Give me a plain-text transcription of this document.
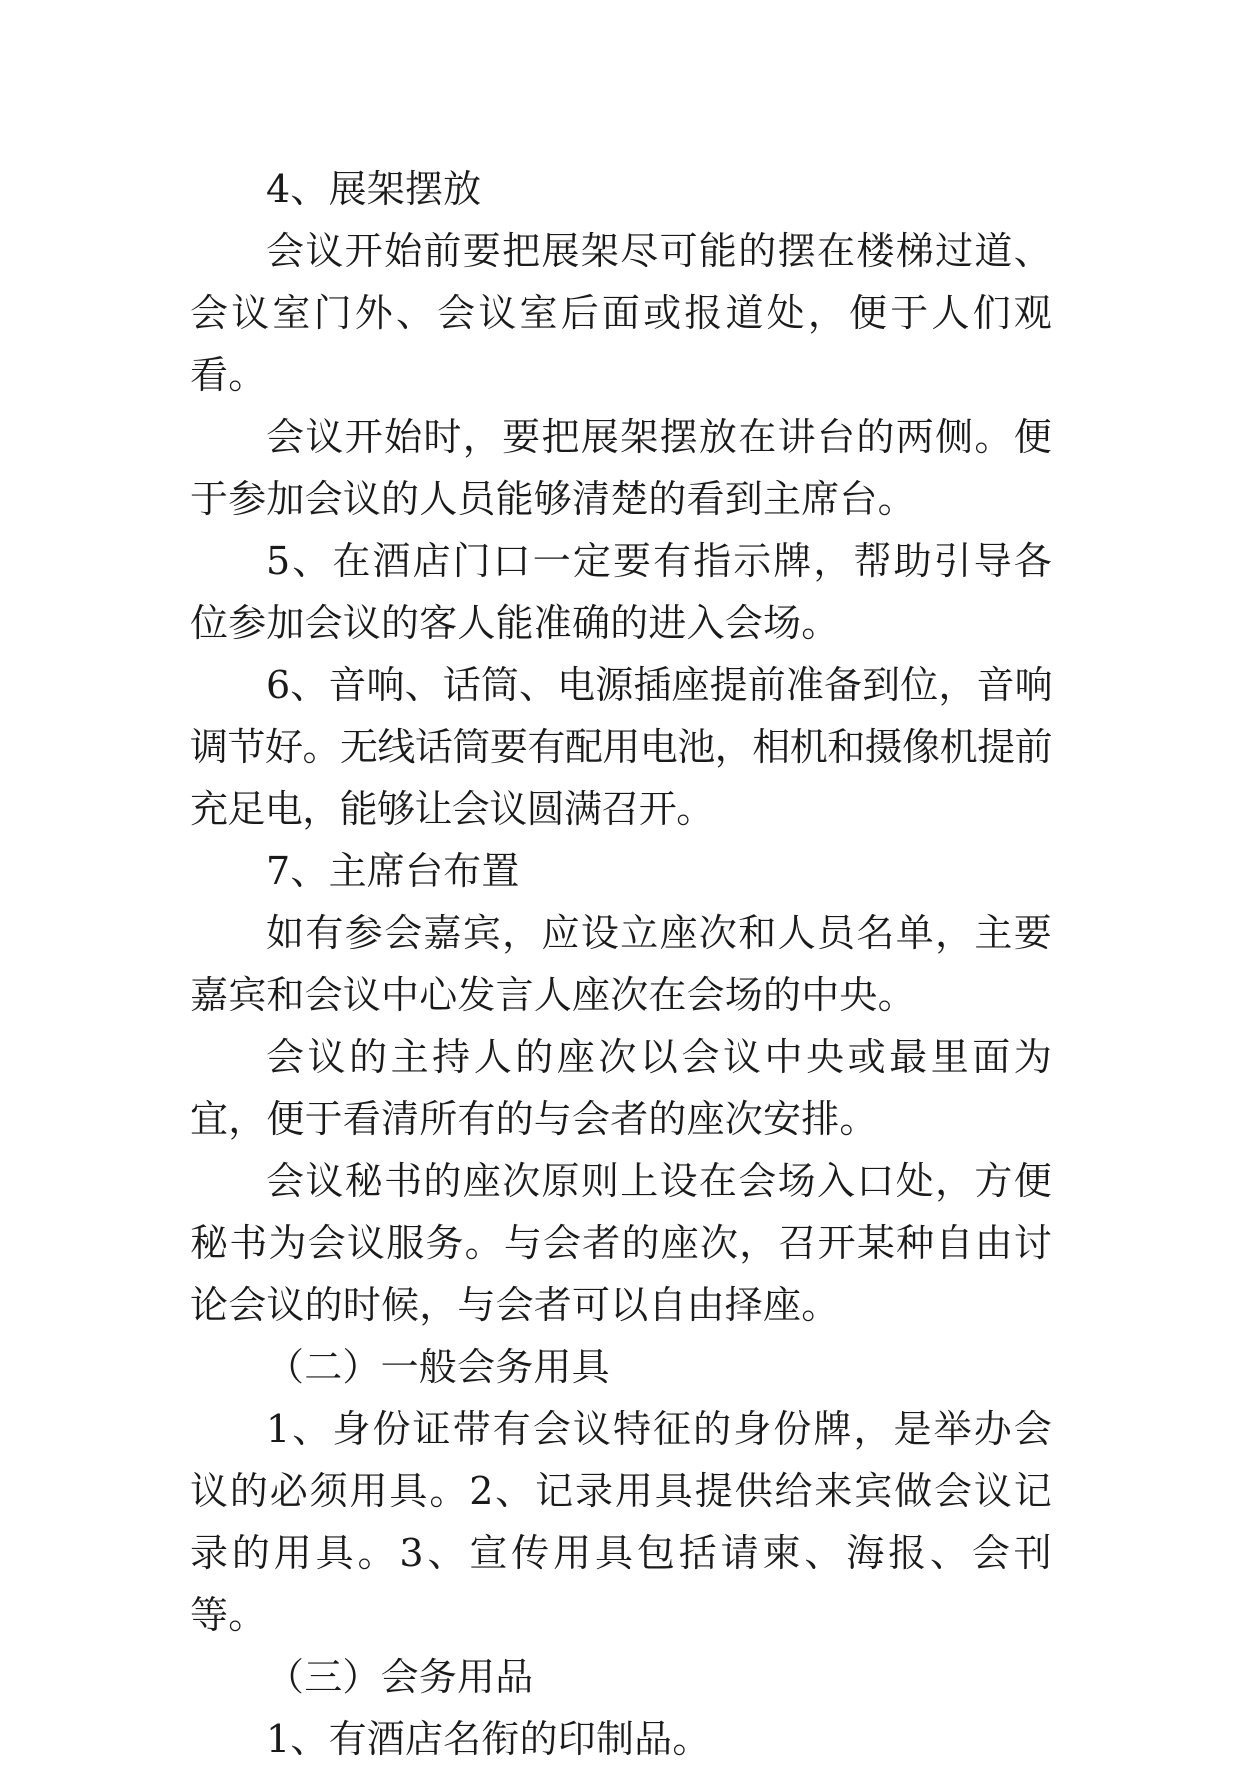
4、展架摆放

会议开始前要把展架尽可能的摆在楼梯过道、会议室门外、会议室后面或报道处，便于人们观看。

会议开始时，要把展架摆放在讲台的两侧。便于参加会议的人员能够清楚的看到主席台。

5、在酒店门口一定要有指示牌，帮助引导各位参加会议的客人能准确的进入会场。

6、音响、话筒、电源插座提前准备到位，音响调节好。无线话筒要有配用电池，相机和摄像机提前充足电，能够让会议圆满召开。

7、主席台布置

如有参会嘉宾，应设立座次和人员名单，主要嘉宾和会议中心发言人座次在会场的中央。

会议的主持人的座次以会议中央或最里面为宜，便于看清所有的与会者的座次安排。

会议秘书的座次原则上设在会场入口处，方便秘书为会议服务。与会者的座次，召开某种自由讨论会议的时候，与会者可以自由择座。

（二）一般会务用具

1、身份证带有会议特征的身份牌，是举办会议的必须用具。2、记录用具提供给来宾做会议记录的用具。3、宣传用具包括请柬、海报、会刊等。

（三）会务用品

1、有酒店名衔的印制品。
